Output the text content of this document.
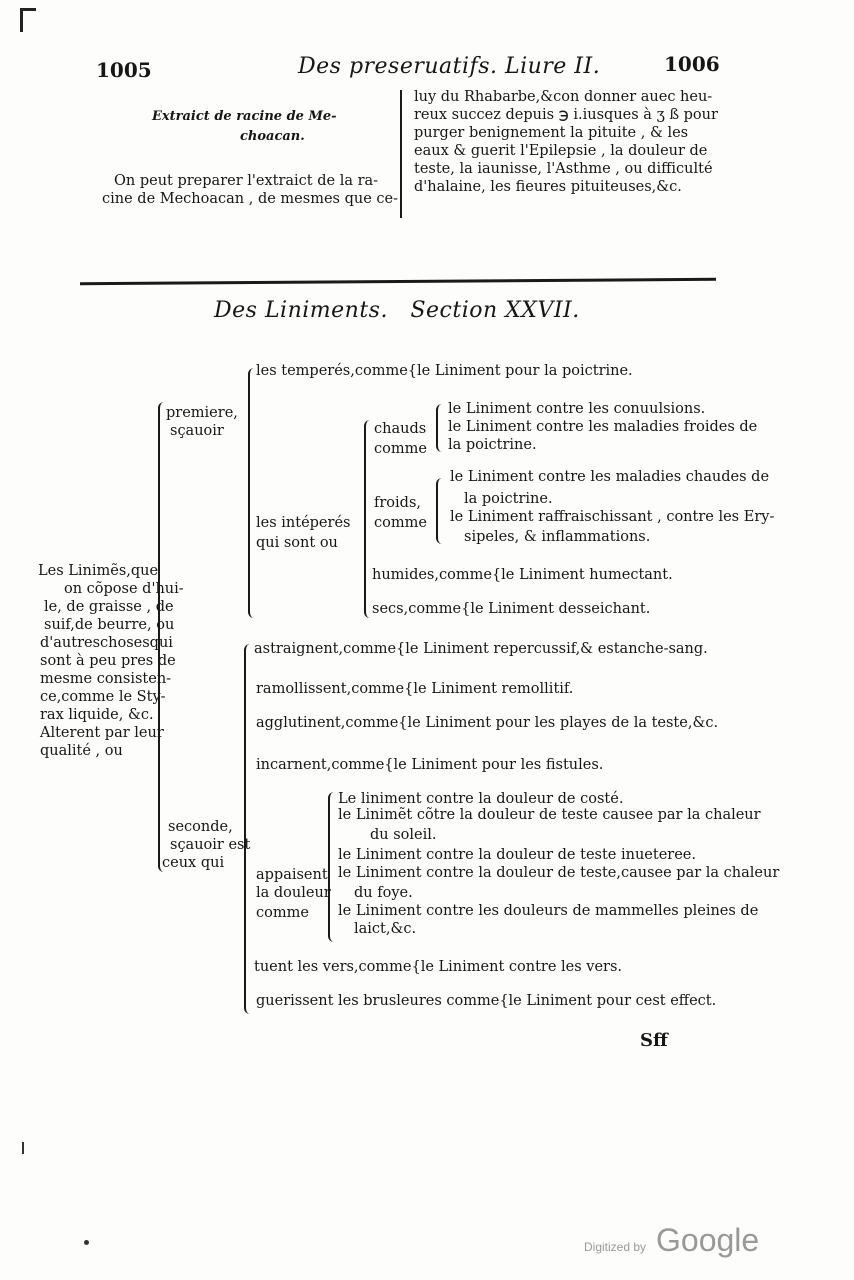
1005	Des preseruatifs. Liure II.	1006
Extraict de racine de Me-
choacan.
On peut preparer l'extraict de la ra-
cine de Mechoacan , de mesmes que ce-
luy du Rhabarbe,&con donner auec heu-
reux succez depuis ℈ i.iusques à ʒ ß pour
purger benignement la pituite , & les
eaux & guerit l'Epilepsie , la douleur de
teste, la iaunisse, l'Asthme , ou difficulté
d'halaine, les fieures pituiteuses,&c.
Des Liniments.   Section XXVII.
Les Linimẽs,que
on cõpose d'hui-
le, de graisse , de
suif,de beurre, ou
d'autreschosesqui
sont à peu pres de
mesme consisten-
ce,comme le Sty-
rax liquide, &c.
Alterent par leur
qualité , ou
premiere,
sçauoir
les temperés,comme{le Liniment pour la poictrine.
les intéperés
qui sont ou
chauds
comme
le Liniment contre les conuulsions.
le Liniment contre les maladies froides de
la poictrine.
froids,
comme
le Liniment contre les maladies chaudes de
la poictrine.
le Liniment raffraischissant , contre les Ery-
sipeles, & inflammations.
humides,comme{le Liniment humectant.
secs,comme{le Liniment desseichant.
seconde,
sçauoir est
ceux qui
astraignent,comme{le Liniment repercussif,& estanche-sang.
ramollissent,comme{le Liniment remollitif.
agglutinent,comme{le Liniment pour les playes de la teste,&c.
incarnent,comme{le Liniment pour les fistules.
appaisent
la douleur
comme
Le liniment contre la douleur de costé.
le Linimẽt cõtre la douleur de teste causee par la chaleur
du soleil.
le Liniment contre la douleur de teste inueteree.
le Liniment contre la douleur de teste,causee par la chaleur
du foye.
le Liniment contre les douleurs de mammelles pleines de
laict,&c.
tuent les vers,comme{le Liniment contre les vers.
guerissent les brusleures comme{le Liniment pour cest effect.
Sff
Digitized by Google
